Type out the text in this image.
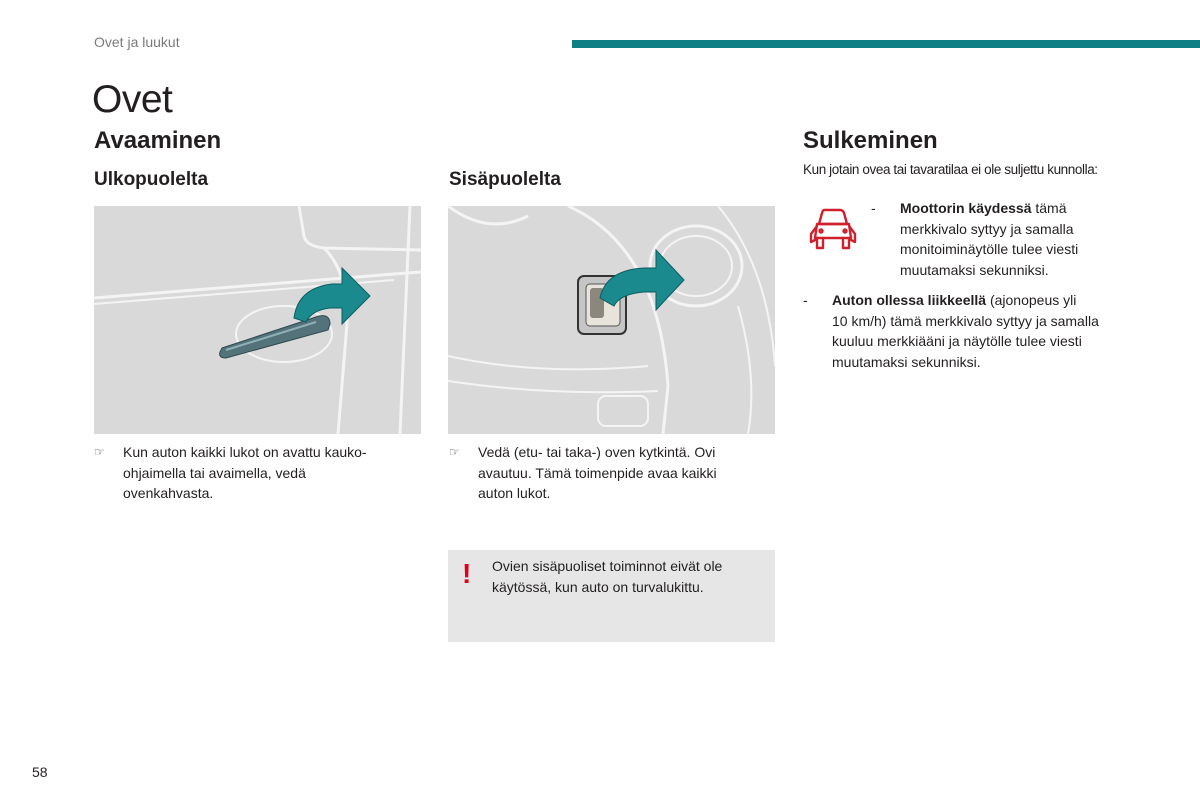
Ovet ja luukut
Ovet
Avaaminen
Ulkopuolelta	Sisäpuolelta
☞	Kun auton kaikki lukot on avattu kauko-ohjaimella tai avaimella, vedä ovenkahvasta.
☞	Vedä (etu- tai taka-) oven kytkintä. Ovi avautuu. Tämä toimenpide avaa kaikki auton lukot.
! Ovien sisäpuoliset toiminnot eivät ole käytössä, kun auto on turvalukittu.
Sulkeminen
Kun jotain ovea tai tavaratilaa ei ole suljettu kunnolla:
-	Moottorin käydessä tämä
merkkivalo syttyy ja samalla
monitoiminäytölle tulee viesti
muutamaksi sekunniksi.
-	Auton ollessa liikkeellä (ajonopeus yli
10 km/h) tämä merkkivalo syttyy ja samalla
kuuluu merkkiääni ja näytölle tulee viesti
muutamaksi sekunniksi.
58
